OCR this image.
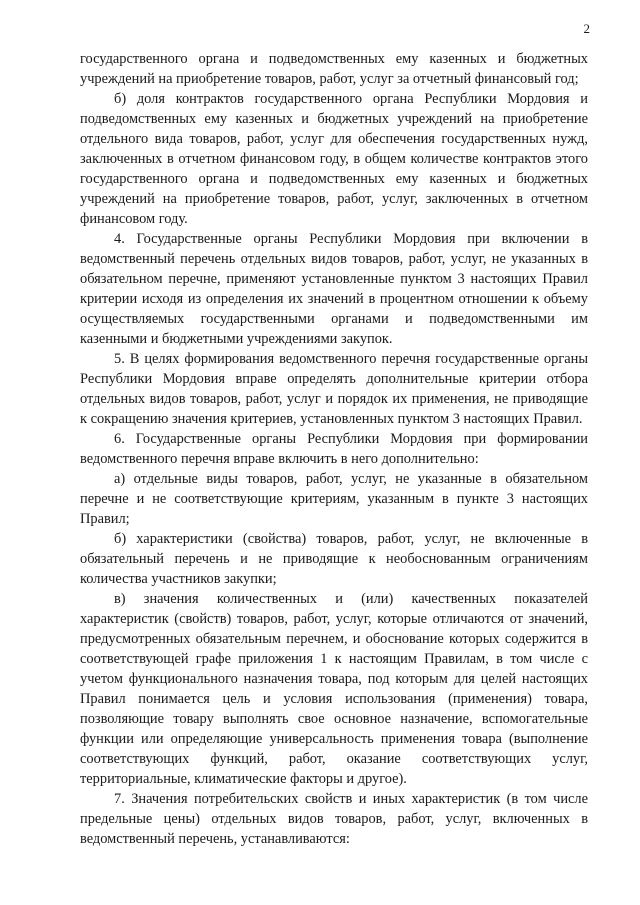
2

государственного органа и подведомственных ему казенных и бюджетных учреждений на приобретение товаров, работ, услуг за отчетный финансовый год;

б) доля контрактов государственного органа Республики Мордовия и подведомственных ему казенных и бюджетных учреждений на приобретение отдельного вида товаров, работ, услуг для обеспечения государственных нужд, заключенных в отчетном финансовом году, в общем количестве контрактов этого государственного органа и подведомственных ему казенных и бюджетных учреждений на приобретение товаров, работ, услуг, заключенных в отчетном финансовом году.

4. Государственные органы Республики Мордовия при включении в ведомственный перечень отдельных видов товаров, работ, услуг, не указанных в обязательном перечне, применяют установленные пунктом 3 настоящих Правил критерии исходя из определения их значений в процентном отношении к объему осуществляемых государственными органами и подведомственными им казенными и бюджетными учреждениями закупок.

5. В целях формирования ведомственного перечня государственные органы Республики Мордовия вправе определять дополнительные критерии отбора отдельных видов товаров, работ, услуг и порядок их применения, не приводящие к сокращению значения критериев, установленных пунктом 3 настоящих Правил.

6. Государственные органы Республики Мордовия при формировании ведомственного перечня вправе включить в него дополнительно:

а) отдельные виды товаров, работ, услуг, не указанные в обязательном перечне и не соответствующие критериям, указанным в пункте 3 настоящих Правил;

б) характеристики (свойства) товаров, работ, услуг, не включенные в обязательный перечень и не приводящие к необоснованным ограничениям количества участников закупки;

в) значения количественных и (или) качественных показателей характеристик (свойств) товаров, работ, услуг, которые отличаются от значений, предусмотренных обязательным перечнем, и обоснование которых содержится в соответствующей графе приложения 1 к настоящим Правилам, в том числе с учетом функционального назначения товара, под которым для целей настоящих Правил понимается цель и условия использования (применения) товара, позволяющие товару выполнять свое основное назначение, вспомогательные функции или определяющие универсальность применения товара (выполнение соответствующих функций, работ, оказание соответствующих услуг, территориальные, климатические факторы и другое).

7. Значения потребительских свойств и иных характеристик (в том числе предельные цены) отдельных видов товаров, работ, услуг, включенных в ведомственный перечень, устанавливаются:
